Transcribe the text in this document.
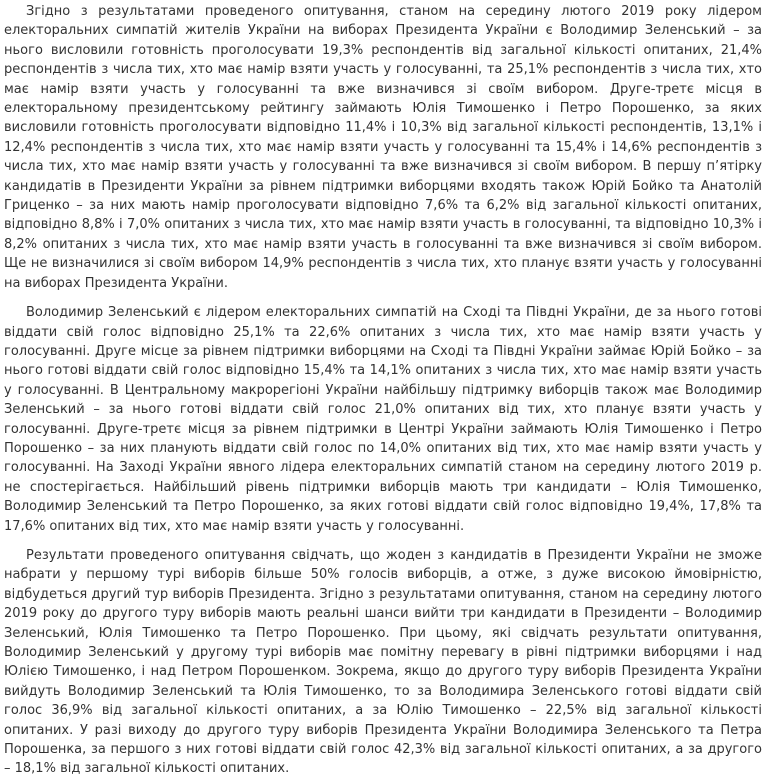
Згідно з результатами проведеного опитування, станом на середину лютого 2019 року лідером електоральних симпатій жителів України на виборах Президента України є Володимир Зеленський – за нього висловили готовність проголосувати 19,3% респондентів від загальної кількості опитаних, 21,4% респондентів з числа тих, хто має намір взяти участь у голосуванні, та 25,1% респондентів з числа тих, хто має намір взяти участь у голосуванні та вже визначився зі своїм вибором. Друге-третє місця в електоральному президентському рейтингу займають Юлія Тимошенко і Петро Порошенко, за яких висловили готовність проголосувати відповідно 11,4% і 10,3% від загальної кількості респондентів, 13,1% і 12,4% респондентів з числа тих, хто має намір взяти участь у голосуванні та 15,4% і 14,6% респондентів з числа тих, хто має намір взяти участь у голосуванні та вже визначився зі своїм вибором. В першу п’ятірку кандидатів в Президенти України за рівнем підтримки виборцями входять також Юрій Бойко та Анатолій Гриценко – за них мають намір проголосувати відповідно 7,6% та 6,2% від загальної кількості опитаних, відповідно 8,8% і 7,0% опитаних з числа тих, хто має намір взяти участь в голосуванні, та відповідно 10,3% і 8,2% опитаних з числа тих, хто має намір взяти участь в голосуванні та вже визначився зі своїм вибором. Ще не визначилися зі своїм вибором 14,9% респондентів з числа тих, хто планує взяти участь у голосуванні на виборах Президента України.

Володимир Зеленський є лідером електоральних симпатій на Сході та Півдні України, де за нього готові віддати свій голос відповідно 25,1% та 22,6% опитаних з числа тих, хто має намір взяти участь у голосуванні. Друге місце за рівнем підтримки виборцями на Сході та Півдні України займає Юрій Бойко – за нього готові віддати свій голос відповідно 15,4% та 14,1% опитаних з числа тих, хто має намір взяти участь у голосуванні. В Центральному макрорегіоні України найбільшу підтримку виборців також має Володимир Зеленський – за нього готові віддати свій голос 21,0% опитаних від тих, хто планує взяти участь у голосуванні. Друге-третє місця за рівнем підтримки в Центрі України займають Юлія Тимошенко і Петро Порошенко – за них планують віддати свій голос по 14,0% опитаних від тих, хто має намір взяти участь у голосуванні. На Заході України явного лідера електоральних симпатій станом на середину лютого 2019 р. не спостерігається. Найбільший рівень підтримки виборців мають три кандидати – Юлія Тимошенко, Володимир Зеленський та Петро Порошенко, за яких готові віддати свій голос відповідно 19,4%, 17,8% та 17,6% опитаних від тих, хто має намір взяти участь у голосуванні.

Результати проведеного опитування свідчать, що жоден з кандидатів в Президенти України не зможе набрати у першому турі виборів більше 50% голосів виборців, а отже, з дуже високою ймовірністю, відбудеться другий тур виборів Президента. Згідно з результатами опитування, станом на середину лютого 2019 року до другого туру виборів мають реальні шанси вийти три кандидати в Президенти – Володимир Зеленський, Юлія Тимошенко та Петро Порошенко. При цьому, які свідчать результати опитування, Володимир Зеленський у другому турі виборів має помітну перевагу в рівні підтримки виборцями і над Юлією Тимошенко, і над Петром Порошенком. Зокрема, якщо до другого туру виборів Президента України вийдуть Володимир Зеленський та Юлія Тимошенко, то за Володимира Зеленського готові віддати свій голос 36,9% від загальної кількості опитаних, а за Юлію Тимошенко – 22,5% від загальної кількості опитаних. У разі виходу до другого туру виборів Президента України Володимира Зеленського та Петра Порошенка, за першого з них готові віддати свій голос 42,3% від загальної кількості опитаних, а за другого – 18,1% від загальної кількості опитаних.
